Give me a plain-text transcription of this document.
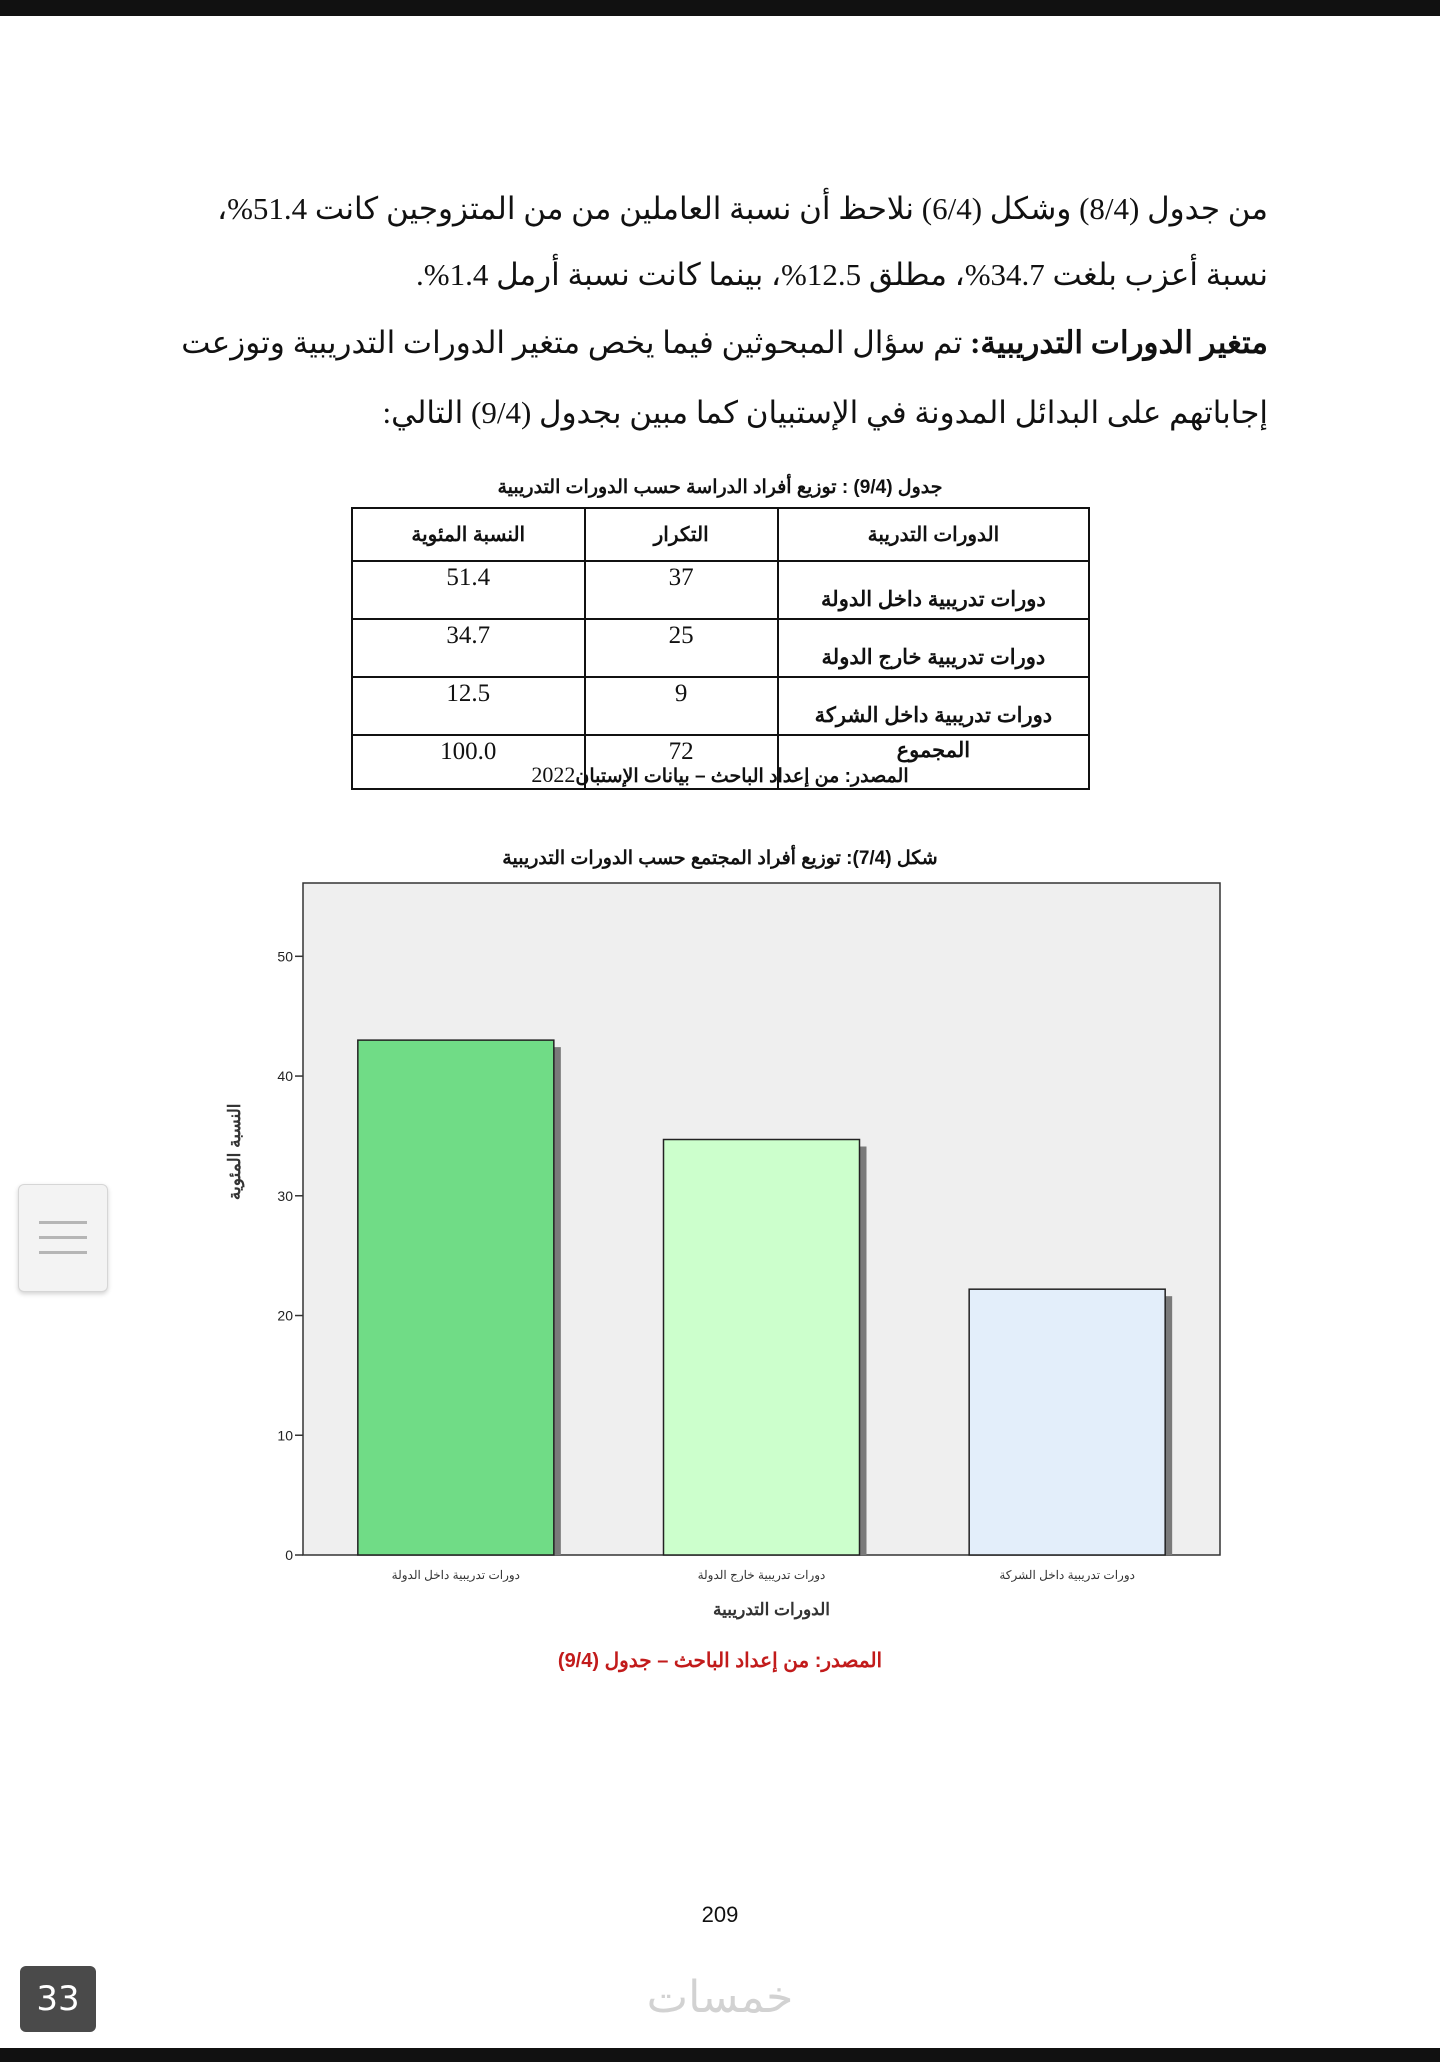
من جدول (8/4) وشكل (6/4) نلاحظ أن نسبة العاملين من من المتزوجين كانت 51.4%،
نسبة أعزب بلغت 34.7%، مطلق 12.5%، بينما كانت نسبة أرمل 1.4%.
متغير الدورات التدريبية: تم سؤال المبحوثين فيما يخص متغير الدورات التدريبية وتوزعت
إجاباتهم على البدائل المدونة في الإستبيان كما مبين بجدول (9/4) التالي:
جدول (9/4) : توزيع أفراد الدراسة حسب الدورات التدريبية
الدورات التدريبة	التكرار	النسبة المئوية
دورات تدريبية داخل الدولة	37	51.4
دورات تدريبية خارج الدولة	25	34.7
دورات تدريبية داخل الشركة	9	12.5
المجموع	72	100.0
المصدر: من إعداد الباحث – بيانات الإستبان2022
شكل (7/4): توزيع أفراد المجتمع حسب الدورات التدريبية
0
10
20
30
40
50
دورات تدريبية داخل الدولة	دورات تدريبية خارج الدولة	دورات تدريبية داخل الشركة
الدورات التدريبية
النسبة المئوية
المصدر: من إعداد الباحث – جدول (9/4)
209
33	خمسات
